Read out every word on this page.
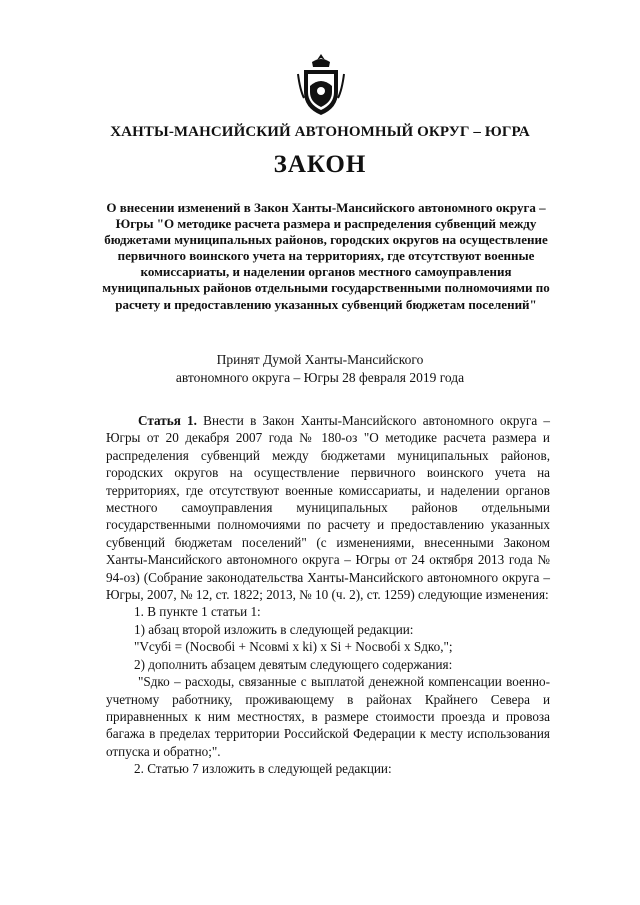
ХАНТЫ-МАНСИЙСКИЙ АВТОНОМНЫЙ ОКРУГ – ЮГРА
ЗАКОН
О внесении изменений в Закон Ханты-Мансийского автономного округа – Югры "О методике расчета размера и распределения субвенций между бюджетами муниципальных районов, городских округов на осуществление первичного воинского учета на территориях, где отсутствуют военные комиссариаты, и наделении органов местного самоуправления муниципальных районов отдельными государственными полномочиями по расчету и предоставлению указанных субвенций бюджетам поселений"
Принят Думой Ханты-Мансийского
автономного округа – Югры 28 февраля 2019 года

Статья 1. Внести в Закон Ханты-Мансийского автономного округа – Югры от 20 декабря 2007 года № 180-оз "О методике расчета размера и распределения субвенций между бюджетами муниципальных районов, городских округов на осуществление первичного воинского учета на территориях, где отсутствуют военные комиссариаты, и наделении органов местного самоуправления муниципальных районов отдельными государственными полномочиями по расчету и предоставлению указанных субвенций бюджетам поселений" (с изменениями, внесенными Законом Ханты-Мансийского автономного округа – Югры от 24 октября 2013 года № 94-оз) (Собрание законодательства Ханты-Мансийского автономного округа – Югры, 2007, № 12, ст. 1822; 2013, № 10 (ч. 2), ст. 1259) следующие изменения:

1. В пункте 1 статьи 1:

1) абзац второй изложить в следующей редакции:

"Vсубi = (Nосвобi + Nсовмi x ki) x Si + Nосвобi x Sдко,";

2) дополнить абзацем девятым следующего содержания:

"Sдко – расходы, связанные с выплатой денежной компенсации военно-учетному работнику, проживающему в районах Крайнего Севера и приравненных к ним местностях, в размере стоимости проезда и провоза багажа в пределах территории Российской Федерации к месту использования отпуска и обратно;".

2. Статью 7 изложить в следующей редакции:
